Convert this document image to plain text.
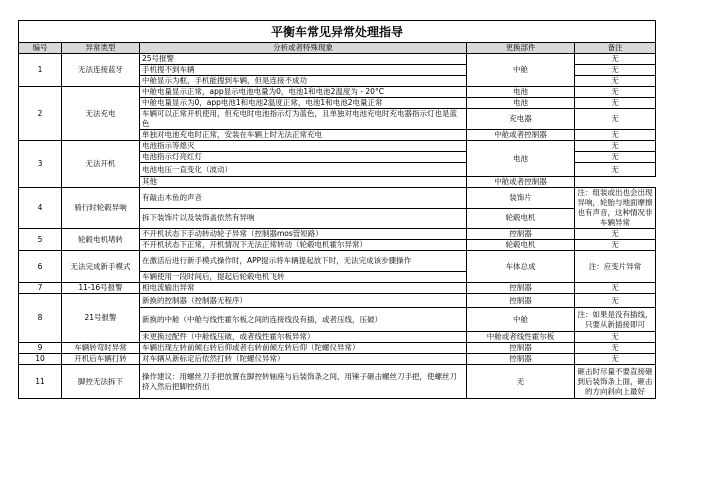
平衡车常见异常处理指导				
编号	异常类型	分析或者特殊现象	更换部件	备注
1	无法连接蓝牙	25号报警	中舱	无
		手机搜不到车辆		无
		中舱显示为框，手机能搜到车辆，但是连接不成功		无
2	无法充电	中舱电量显示正常，app显示电池电量为0，电池1和电池2温度为 - 20°C	电池	无
		中舱电量显示为0，app电池1和电池2温度正常，电池1和电池2电量正常	电池	无
		车辆可以正常开机使用，但充电时电池指示灯为蓝色，且单独对电池充电时充电器指示灯也是蓝色	充电器	无
		单独对电池充电时正常，安装在车辆上时无法正常充电	中舱或者控制器	无
3	无法开机	电池指示等熄灭	电池	无
		电池指示灯亮红灯		无
		电池电压一直变化（波动）		无
		其他	中舱或者控制器	
4	骑行时轮毂异响	有敲击木鱼的声音	装饰片	注：组装或出也会出现异响，轮胎与地面摩擦也有声音，这种情况非车辆异常
		拆下装饰片以及装饰盖依然有异响	轮毂电机	
5	轮毂电机堵转	不开机状态下手动转动轮子异常（控制器mos管短路）	控制器	无
		不开机状态下正常，开机情况下无法正常转动（轮毂电机霍尔异常）	轮毂电机	无
6	无法完成新手模式	在激活后进行新手模式操作时，APP提示将车辆提起放下时，无法完成该步骤操作	车体总成	注：应变片异常
		车辆使用一段时间后，提起后轮毂电机飞转		
7	11-16号报警	相电流输出异常	控制器	无
8	21号报警	新换的控制器（控制器无程序）	控制器	无
		新换的中舱（中舱与线性霍尔板之间的连接线没有插，或者压线，压破）	中舱	注：如果是没有插线，只要从新插接即可
		未更换过配件（中舱线压破，或者线性霍尔板异常）	中舱或者线性霍尔板	无
9	车辆转弯时异常	车辆出现左转前倾右转后仰或者右转前倾左转后仰（陀螺仪异常）	控制器	无
10	开机后车辆打转	对车辆从新标定后依然打转（陀螺仪异常）	控制器	无
11	脚控无法拆下	操作建议：用螺丝刀手把放置在脚控转轴座与后装饰条之间，用锤子砸击螺丝刀手把，使螺丝刀挤入然后把脚控挤出	无	砸击时尽量不要直接砸到后装饰条上面，砸击的方向斜向上最好
